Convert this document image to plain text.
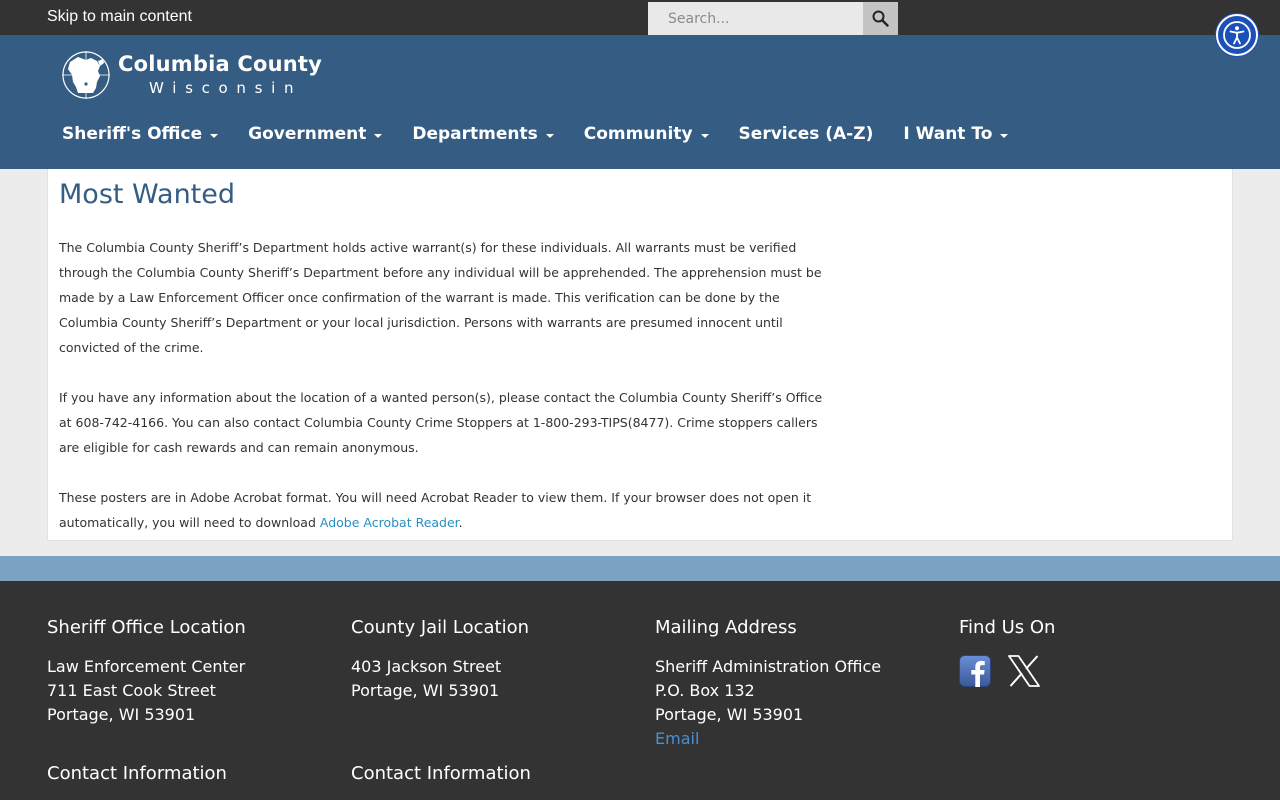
Skip to main content
Search...
Columbia County
Wisconsin
Sheriff's Office	Government	Departments	Community	Services (A-Z) I Want To
Most Wanted

The Columbia County Sheriff’s Department holds active warrant(s) for these individuals. All warrants must be verified through the Columbia County Sheriff’s Department before any individual will be apprehended. The apprehension must be made by a Law Enforcement Officer once confirmation of the warrant is made. This verification can be done by the Columbia County Sheriff’s Department or your local jurisdiction. Persons with warrants are presumed innocent until convicted of the crime.

If you have any information about the location of a wanted person(s), please contact the Columbia County Sheriff’s Office at 608-742-4166. You can also contact Columbia County Crime Stoppers at 1-800-293-TIPS(8477). Crime stoppers callers are eligible for cash rewards and can remain anonymous.

These posters are in Adobe Acrobat format. You will need Acrobat Reader to view them. If your browser does not open it automatically, you will need to download Adobe Acrobat Reader.

Sheriff Office Location
Law Enforcement Center
711 East Cook Street
Portage, WI 53901
County Jail Location
403 Jackson Street
Portage, WI 53901
Mailing Address
Sheriff Administration Office
P.O. Box 132
Portage, WI 53901
Email
Find Us On
Contact Information	Contact Information
